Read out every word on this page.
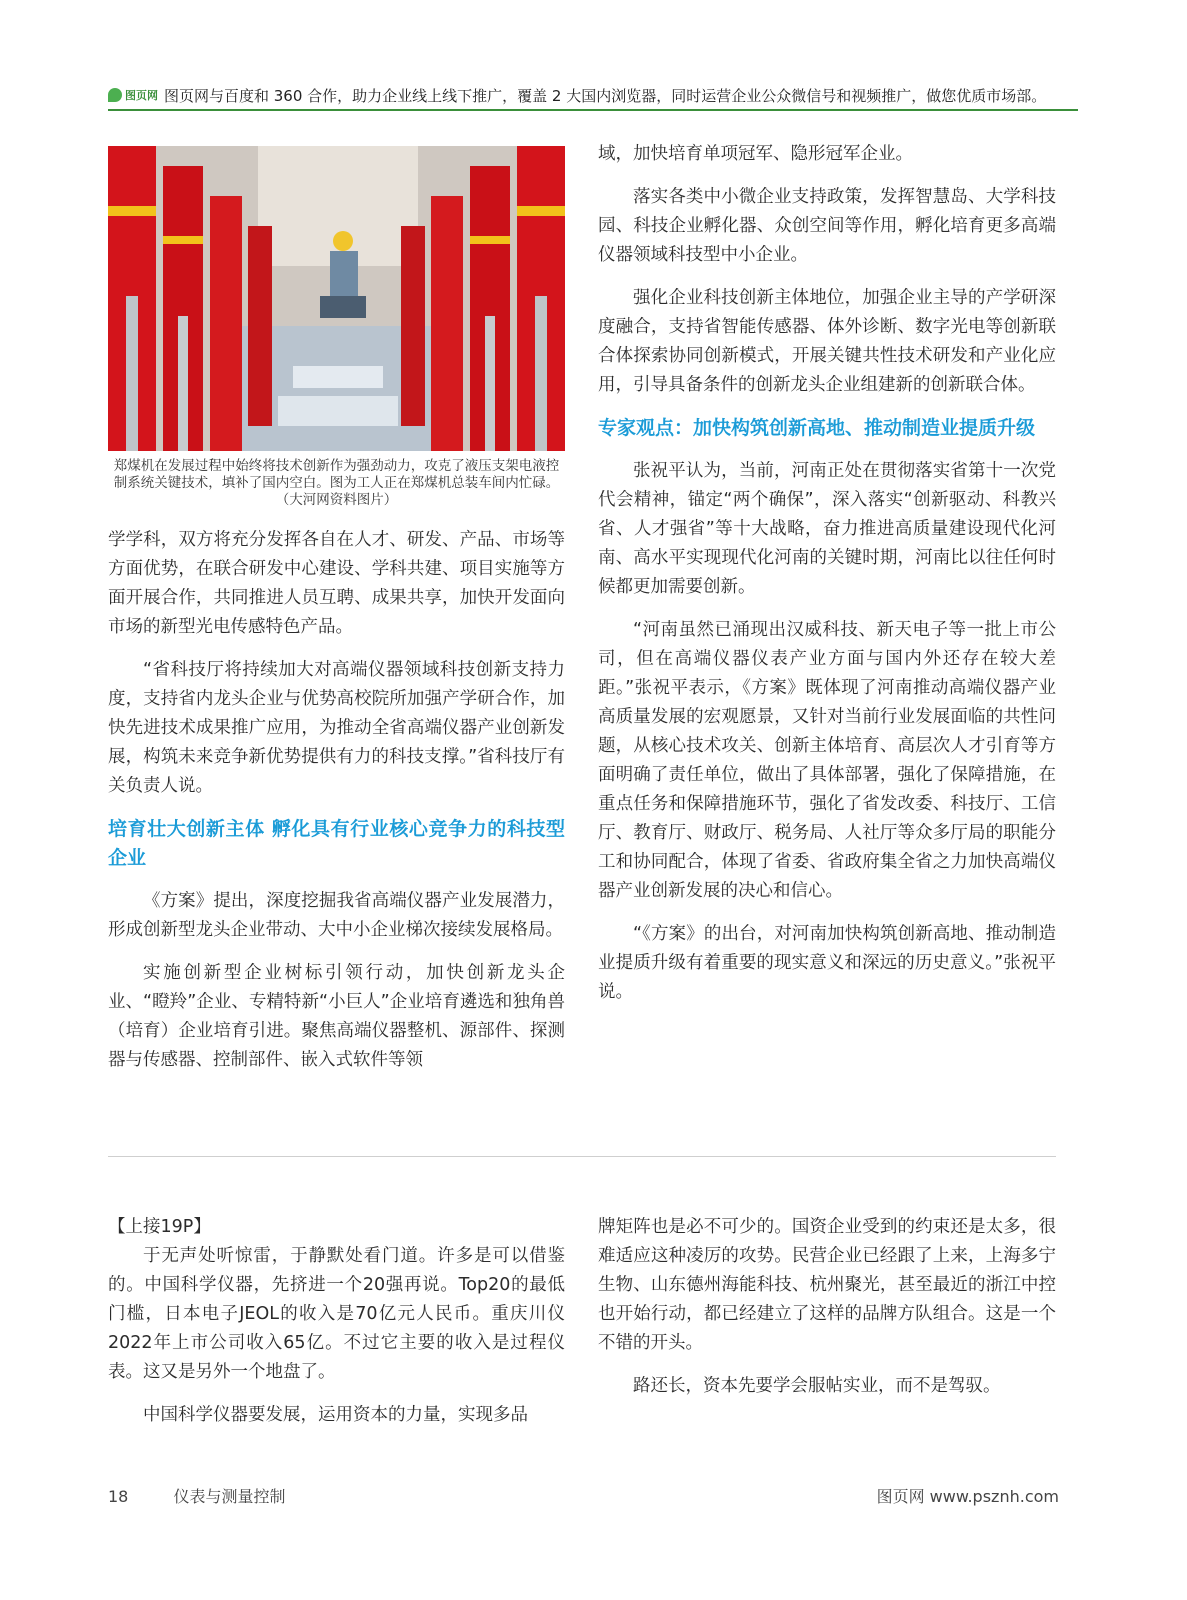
图页网 图页网与百度和 360 合作，助力企业线上线下推广，覆盖 2 大国内浏览器，同时运营企业公众微信号和视频推广，做您优质市场部。
郑煤机在发展过程中始终将技术创新作为强劲动力，攻克了液压支架电液控制系统关键技术，填补了国内空白。图为工人正在郑煤机总装车间内忙碌。（大河网资料图片）

学学科，双方将充分发挥各自在人才、研发、产品、市场等方面优势，在联合研发中心建设、学科共建、项目实施等方面开展合作，共同推进人员互聘、成果共享，加快开发面向市场的新型光电传感特色产品。

“省科技厅将持续加大对高端仪器领域科技创新支持力度，支持省内龙头企业与优势高校院所加强产学研合作，加快先进技术成果推广应用，为推动全省高端仪器产业创新发展，构筑未来竞争新优势提供有力的科技支撑。”省科技厅有关负责人说。

培育壮大创新主体 孵化具有行业核心竞争力的科技型企业

《方案》提出，深度挖掘我省高端仪器产业发展潜力，形成创新型龙头企业带动、大中小企业梯次接续发展格局。

实施创新型企业树标引领行动，加快创新龙头企业、“瞪羚”企业、专精特新“小巨人”企业培育遴选和独角兽（培育）企业培育引进。聚焦高端仪器整机、源部件、探测器与传感器、控制部件、嵌入式软件等领

域，加快培育单项冠军、隐形冠军企业。

落实各类中小微企业支持政策，发挥智慧岛、大学科技园、科技企业孵化器、众创空间等作用，孵化培育更多高端仪器领域科技型中小企业。

强化企业科技创新主体地位，加强企业主导的产学研深度融合，支持省智能传感器、体外诊断、数字光电等创新联合体探索协同创新模式，开展关键共性技术研发和产业化应用，引导具备条件的创新龙头企业组建新的创新联合体。

专家观点：加快构筑创新高地、推动制造业提质升级

张祝平认为，当前，河南正处在贯彻落实省第十一次党代会精神，锚定“两个确保”，深入落实“创新驱动、科教兴省、人才强省”等十大战略，奋力推进高质量建设现代化河南、高水平实现现代化河南的关键时期，河南比以往任何时候都更加需要创新。

“河南虽然已涌现出汉威科技、新天电子等一批上市公司，但在高端仪器仪表产业方面与国内外还存在较大差距。”张祝平表示，《方案》既体现了河南推动高端仪器产业高质量发展的宏观愿景，又针对当前行业发展面临的共性问题，从核心技术攻关、创新主体培育、高层次人才引育等方面明确了责任单位，做出了具体部署，强化了保障措施，在重点任务和保障措施环节，强化了省发改委、科技厅、工信厅、教育厅、财政厅、税务局、人社厅等众多厅局的职能分工和协同配合，体现了省委、省政府集全省之力加快高端仪器产业创新发展的决心和信心。

“《方案》的出台，对河南加快构筑创新高地、推动制造业提质升级有着重要的现实意义和深远的历史意义。”张祝平说。

【上接19P】

于无声处听惊雷，于静默处看门道。许多是可以借鉴的。中国科学仪器，先挤进一个20强再说。Top20的最低门槛，日本电子JEOL的收入是70亿元人民币。重庆川仪2022年上市公司收入65亿。不过它主要的收入是过程仪表。这又是另外一个地盘了。

中国科学仪器要发展，运用资本的力量，实现多品

牌矩阵也是必不可少的。国资企业受到的约束还是太多，很难适应这种凌厉的攻势。民营企业已经跟了上来，上海多宁生物、山东德州海能科技、杭州聚光，甚至最近的浙江中控也开始行动，都已经建立了这样的品牌方队组合。这是一个不错的开头。

路还长，资本先要学会服帖实业，而不是驾驭。

18	仪表与测量控制	图页网 www.psznh.com
